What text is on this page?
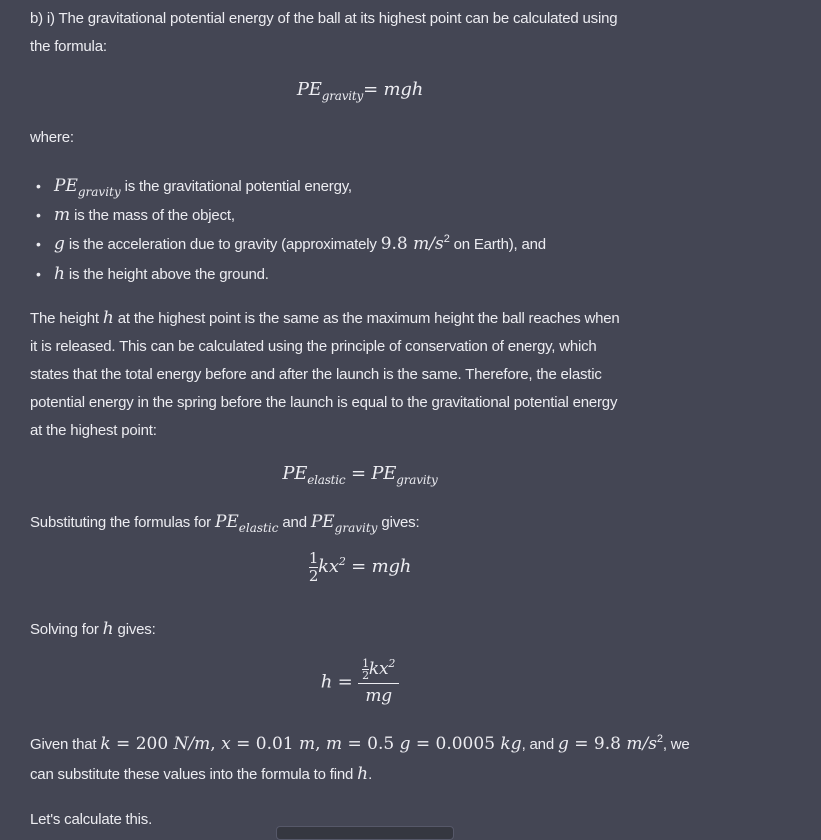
b) i) The gravitational potential energy of the ball at its highest point can be calculated using

the formula:

$PE_{gravity}=$ mgh

where:

• $PE_{gravity}$ is the gravitational potential energy,
• m is the mass of the object,
• g is the acceleration due to gravity (approximately 9.8 $m/s^2$ on Earth), and
• h is the height above the ground.

The height h at the highest point is the same as the maximum height the ball reaches when

it is released. This can be calculated using the principle of conservation of energy, which

states that the total energy before and after the launch is the same. Therefore, the elastic

potential energy in the spring before the launch is equal to the gravitational potential energy

at the highest point:

$PE_{elastic} = PE_{gravity}$

Substituting the formulas for $PE_{elastic}$ and $PE_{gravity}$ gives:

$\frac{1}{2} kx^2$ = mgh

Solving for h gives:

$h = \frac{\frac{1}{2} kx^2}{mg}$

Given that k = 200 N/m, x = 0.01 m, m = 0.5 g = 0.0005 kg, and g = 9.8 $m/s^2$, we

can substitute these values into the formula to find h.

Let's calculate this.
